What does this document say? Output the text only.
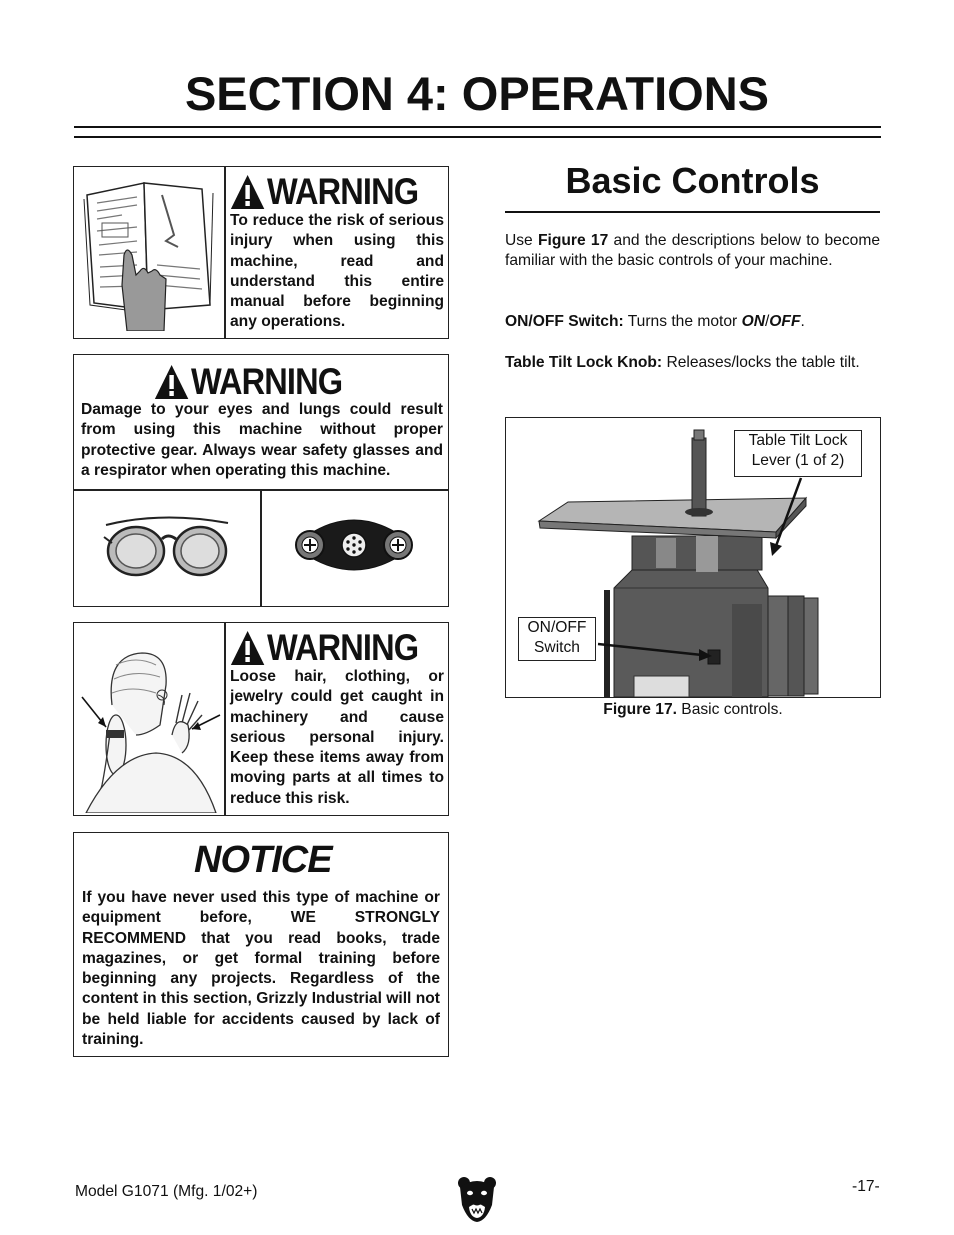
SECTION 4: OPERATIONS
WARNING
To reduce the risk of serious injury when using this machine, read and understand this entire manual before beginning any operations.
WARNING
Damage to your eyes and lungs could result from using this machine without proper protective gear. Always wear safety glasses and a respirator when operating this machine.
WARNING
Loose hair, clothing, or jewelry could get caught in machinery and cause serious personal injury. Keep these items away from moving parts at all times to reduce this risk.
NOTICE
If you have never used this type of machine or equipment before, WE STRONGLY RECOMMEND that you read books, trade magazines, or get formal training before beginning any projects. Regardless of the content in this section, Grizzly Industrial will not be held liable for accidents caused by lack of training.
Basic Controls
Use Figure 17 and the descriptions below to become familiar with the basic controls of your machine.
ON/OFF Switch: Turns the motor ON/OFF.
Table Tilt Lock Knob: Releases/locks the table tilt.
Table Tilt Lock
Lever (1 of 2)
ON/OFF
Switch
Figure 17. Basic controls.
Model G1071 (Mfg. 1/02+)	-17-
